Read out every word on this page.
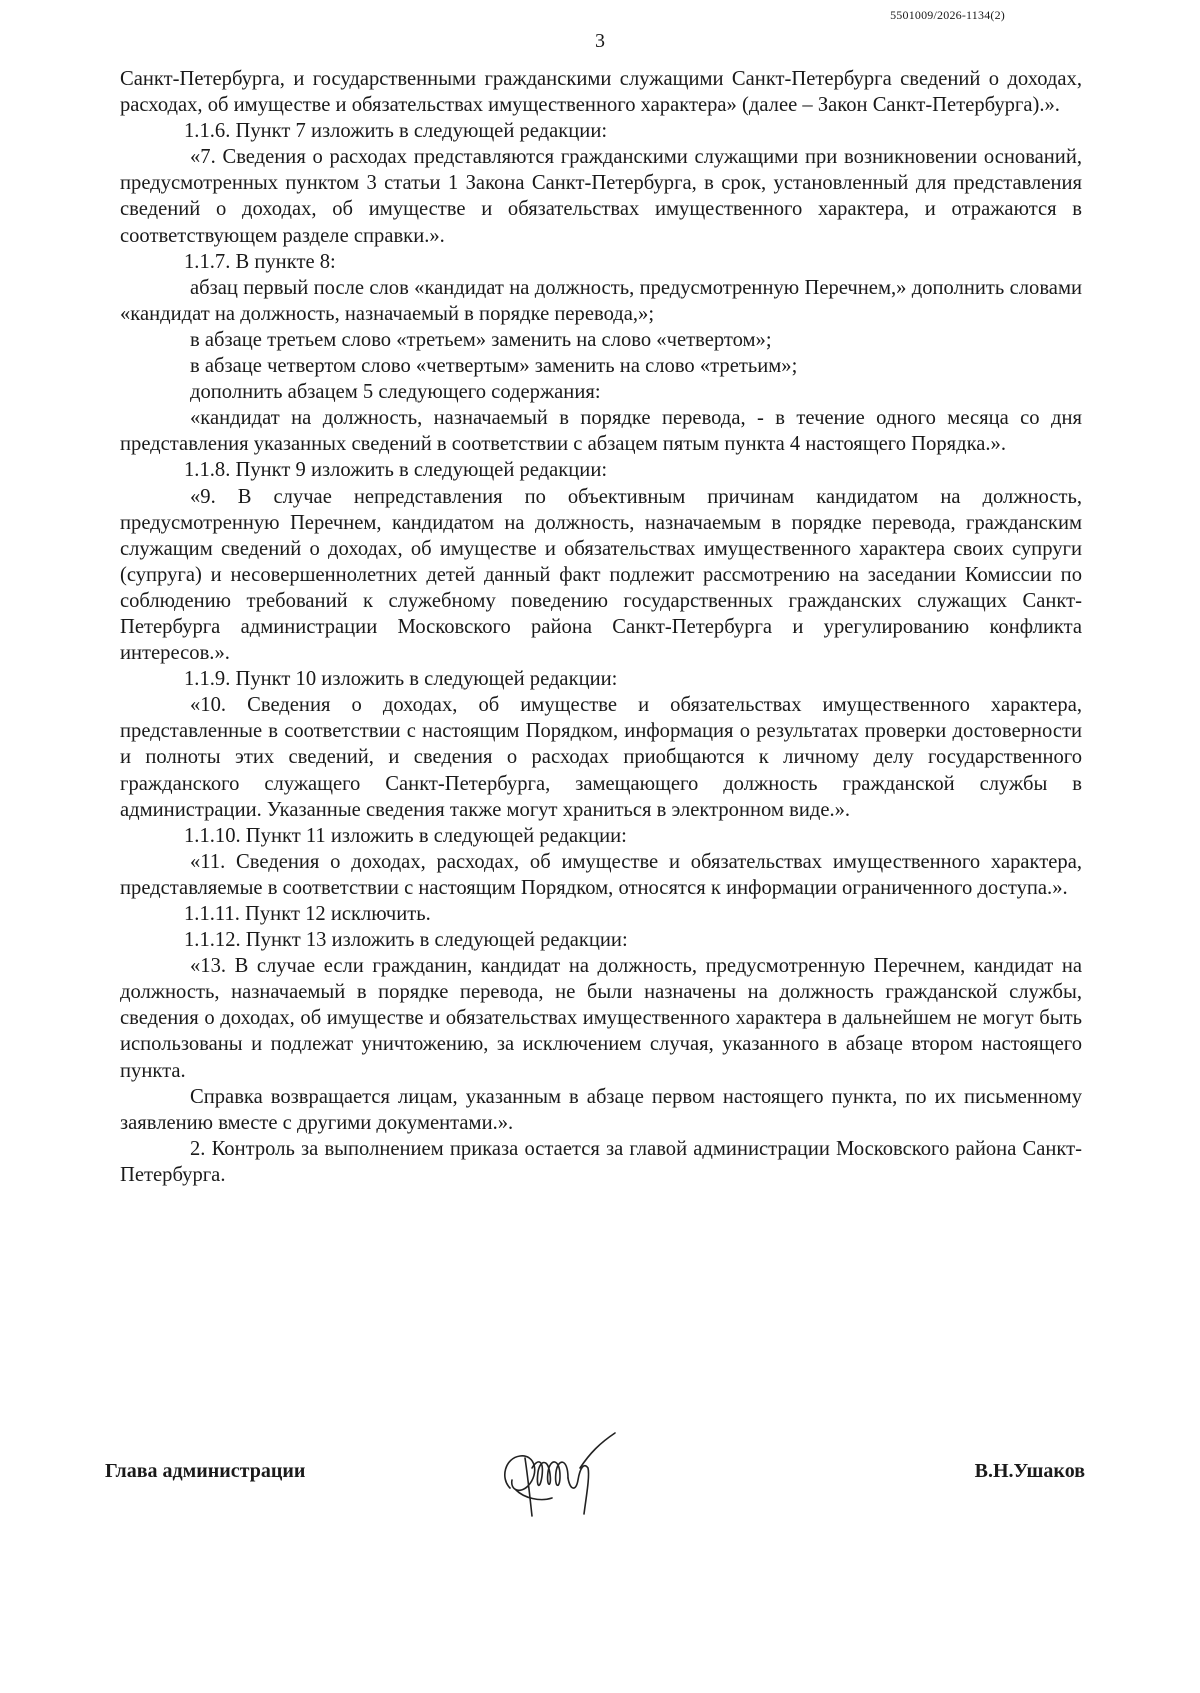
5501009/2026-1134(2)
3

Санкт-Петербурга, и государственными гражданскими служащими Санкт-Петербурга сведений о доходах, расходах, об имуществе и обязательствах имущественного характера» (далее – Закон Санкт-Петербурга).».

1.1.6. Пункт 7 изложить в следующей редакции:

«7. Сведения о расходах представляются гражданскими служащими при возникновении оснований, предусмотренных пунктом 3 статьи 1 Закона Санкт-Петербурга, в срок, установленный для представления сведений о доходах, об имуществе и обязательствах имущественного характера, и отражаются в соответствующем разделе справки.».

1.1.7. В пункте 8:

абзац первый после слов «кандидат на должность, предусмотренную Перечнем,» дополнить словами «кандидат на должность, назначаемый в порядке перевода,»;

в абзаце третьем слово «третьем» заменить на слово «четвертом»;

в абзаце четвертом слово «четвертым» заменить на слово «третьим»;

дополнить абзацем 5 следующего содержания:

«кандидат на должность, назначаемый в порядке перевода, - в течение одного месяца со дня представления указанных сведений в соответствии с абзацем пятым пункта 4 настоящего Порядка.».

1.1.8. Пункт 9 изложить в следующей редакции:

«9. В случае непредставления по объективным причинам кандидатом на должность, предусмотренную Перечнем, кандидатом на должность, назначаемым в порядке перевода, гражданским служащим сведений о доходах, об имуществе и обязательствах имущественного характера своих супруги (супруга) и несовершеннолетних детей данный факт подлежит рассмотрению на заседании Комиссии по соблюдению требований к служебному поведению государственных гражданских служащих Санкт-Петербурга администрации Московского района Санкт-Петербурга и урегулированию конфликта интересов.».

1.1.9. Пункт 10 изложить в следующей редакции:

«10. Сведения о доходах, об имуществе и обязательствах имущественного характера, представленные в соответствии с настоящим Порядком, информация о результатах проверки достоверности и полноты этих сведений, и сведения о расходах приобщаются к личному делу государственного гражданского служащего Санкт-Петербурга, замещающего должность гражданской службы в администрации. Указанные сведения также могут храниться в электронном виде.».

1.1.10. Пункт 11 изложить в следующей редакции:

«11. Сведения о доходах, расходах, об имуществе и обязательствах имущественного характера, представляемые в соответствии с настоящим Порядком, относятся к информации ограниченного доступа.».

1.1.11. Пункт 12 исключить.

1.1.12. Пункт 13 изложить в следующей редакции:

«13. В случае если гражданин, кандидат на должность, предусмотренную Перечнем, кандидат на должность, назначаемый в порядке перевода, не были назначены на должность гражданской службы, сведения о доходах, об имуществе и обязательствах имущественного характера в дальнейшем не могут быть использованы и подлежат уничтожению, за исключением случая, указанного в абзаце втором настоящего пункта.

Справка возвращается лицам, указанным в абзаце первом настоящего пункта, по их письменному заявлению вместе с другими документами.».

2. Контроль за выполнением приказа остается за главой администрации Московского района Санкт-Петербурга.

Глава администрации	В.Н.Ушаков
